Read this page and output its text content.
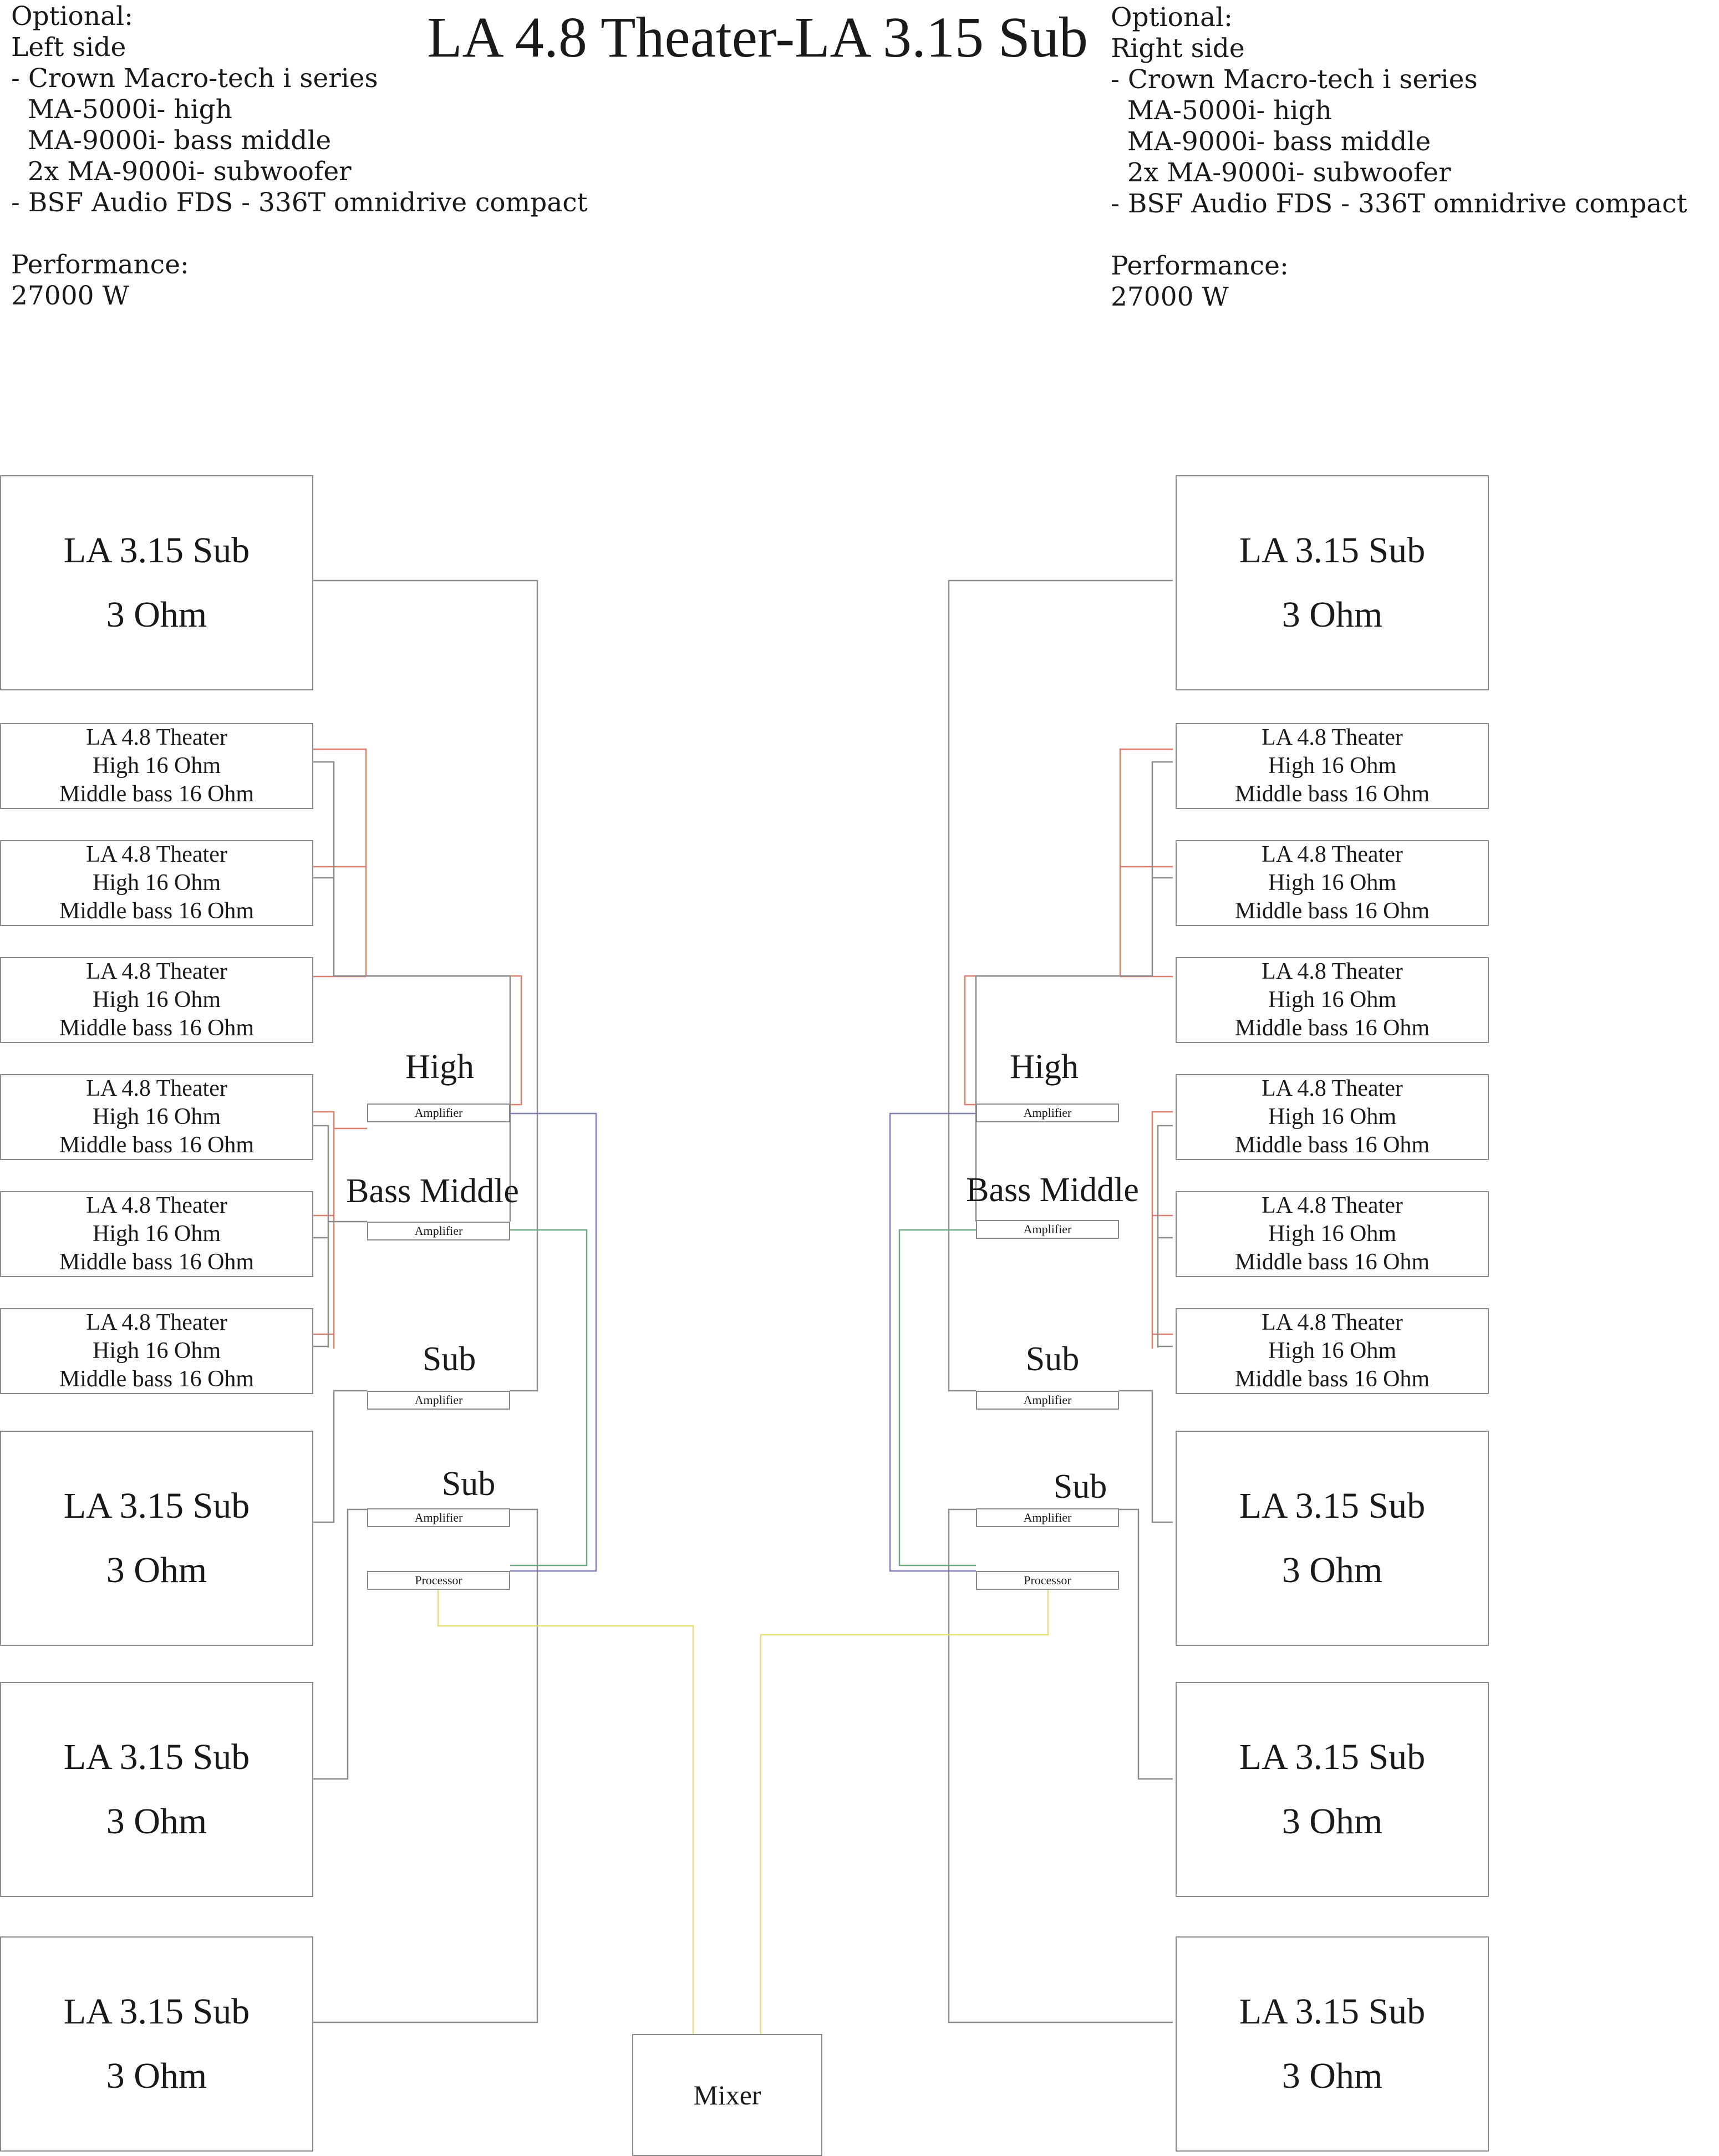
Optional:
Left side
- Crown Macro-tech i series
MA-5000i- high
MA-9000i- bass middle
2x MA-9000i- subwoofer
- BSF Audio FDS - 336T omnidrive compact

Performance:
27000 W

LA 4.8 Theater-LA 3.15 Sub Optional:
Right side
- Crown Macro-tech i series
MA-5000i- high
MA-9000i- bass middle
2x MA-9000i- subwoofer
- BSF Audio FDS - 336T omnidrive compact

Performance:
27000 W

LA 3.15 Sub
3 Ohm
LA 4.8 Theater
High 16 Ohm
Middle bass 16 Ohm
LA 4.8 Theater
High 16 Ohm
Middle bass 16 Ohm
LA 4.8 Theater
High 16 Ohm
Middle bass 16 Ohm
LA 4.8 Theater
High 16 Ohm
Middle bass 16 Ohm
LA 4.8 Theater
High 16 Ohm
Middle bass 16 Ohm
LA 4.8 Theater
High 16 Ohm
Middle bass 16 Ohm
LA 3.15 Sub
3 Ohm
LA 3.15 Sub
3 Ohm
LA 3.15 Sub
3 Ohm
High
Amplifier
Bass Middle
Amplifier
Sub
Amplifier
Sub
Amplifier
Processor
LA 3.15 Sub
3 Ohm
LA 4.8 Theater
High 16 Ohm
Middle bass 16 Ohm
LA 4.8 Theater
High 16 Ohm
Middle bass 16 Ohm
LA 4.8 Theater
High 16 Ohm
Middle bass 16 Ohm
LA 4.8 Theater
High 16 Ohm
Middle bass 16 Ohm
LA 4.8 Theater
High 16 Ohm
Middle bass 16 Ohm
LA 4.8 Theater
High 16 Ohm
Middle bass 16 Ohm
LA 3.15 Sub
3 Ohm
LA 3.15 Sub
3 Ohm
LA 3.15 Sub
3 Ohm
High
Amplifier
Bass Middle
Amplifier
Sub
Amplifier
Sub
Amplifier
Processor
Mixer
